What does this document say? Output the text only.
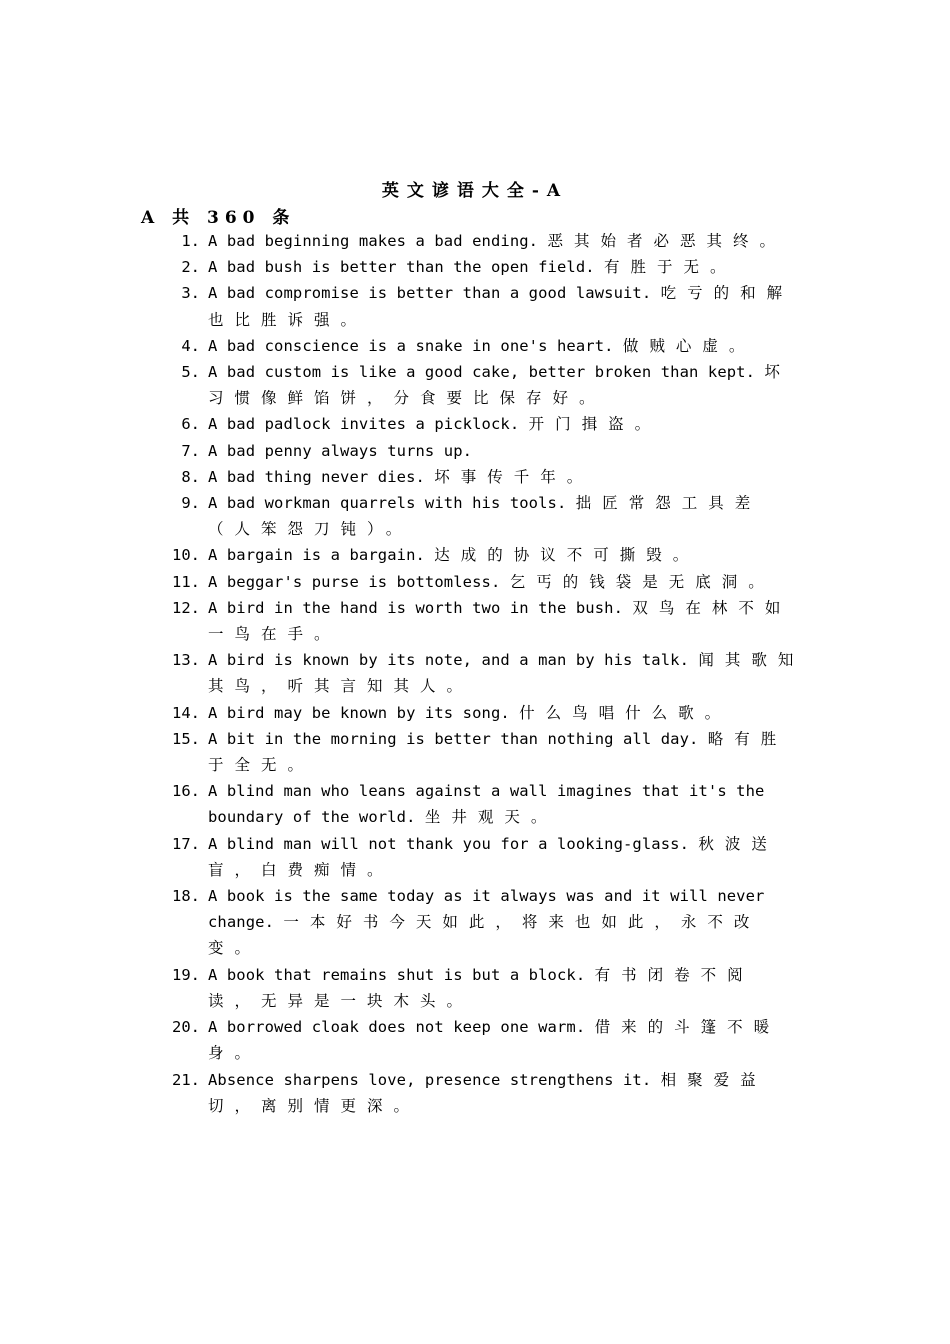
英文谚语大全-A
A 共 360 条
1. A bad beginning makes a bad ending. 恶其始者必恶其终。
2. A bad bush is better than the open field. 有胜于无。
3. A bad compromise is better than a good lawsuit. 吃亏的和解也比胜诉强。
4. A bad conscience is a snake in one's heart. 做贼心虚。
5. A bad custom is like a good cake, better broken than kept. 坏习惯像鲜馅饼，分食要比保存好。
6. A bad padlock invites a picklock. 开门揖盗。
7. A bad penny always turns up.
8. A bad thing never dies. 坏事传千年。
9. A bad workman quarrels with his tools. 拙匠常怨工具差（人笨怨刀钝）。
10. A bargain is a bargain. 达成的协议不可撕毁。
11. A beggar's purse is bottomless. 乞丐的钱袋是无底洞。
12. A bird in the hand is worth two in the bush. 双鸟在林不如一鸟在手。
13. A bird is known by its note, and a man by his talk. 闻其歌知其鸟，听其言知其人。
14. A bird may be known by its song. 什么鸟唱什么歌。
15. A bit in the morning is better than nothing all day. 略有胜于全无。
16. A blind man who leans against a wall imagines that it's the boundary of the world. 坐井观天。
17. A blind man will not thank you for a looking-glass. 秋波送盲，白费痴情。
18. A book is the same today as it always was and it will never change. 一本好书今天如此，将来也如此，永不改变。
19. A book that remains shut is but a block. 有书闭卷不阅读，无异是一块木头。
20. A borrowed cloak does not keep one warm. 借来的斗篷不暖身。
21. Absence sharpens love, presence strengthens it. 相聚爱益切，离别情更深。
